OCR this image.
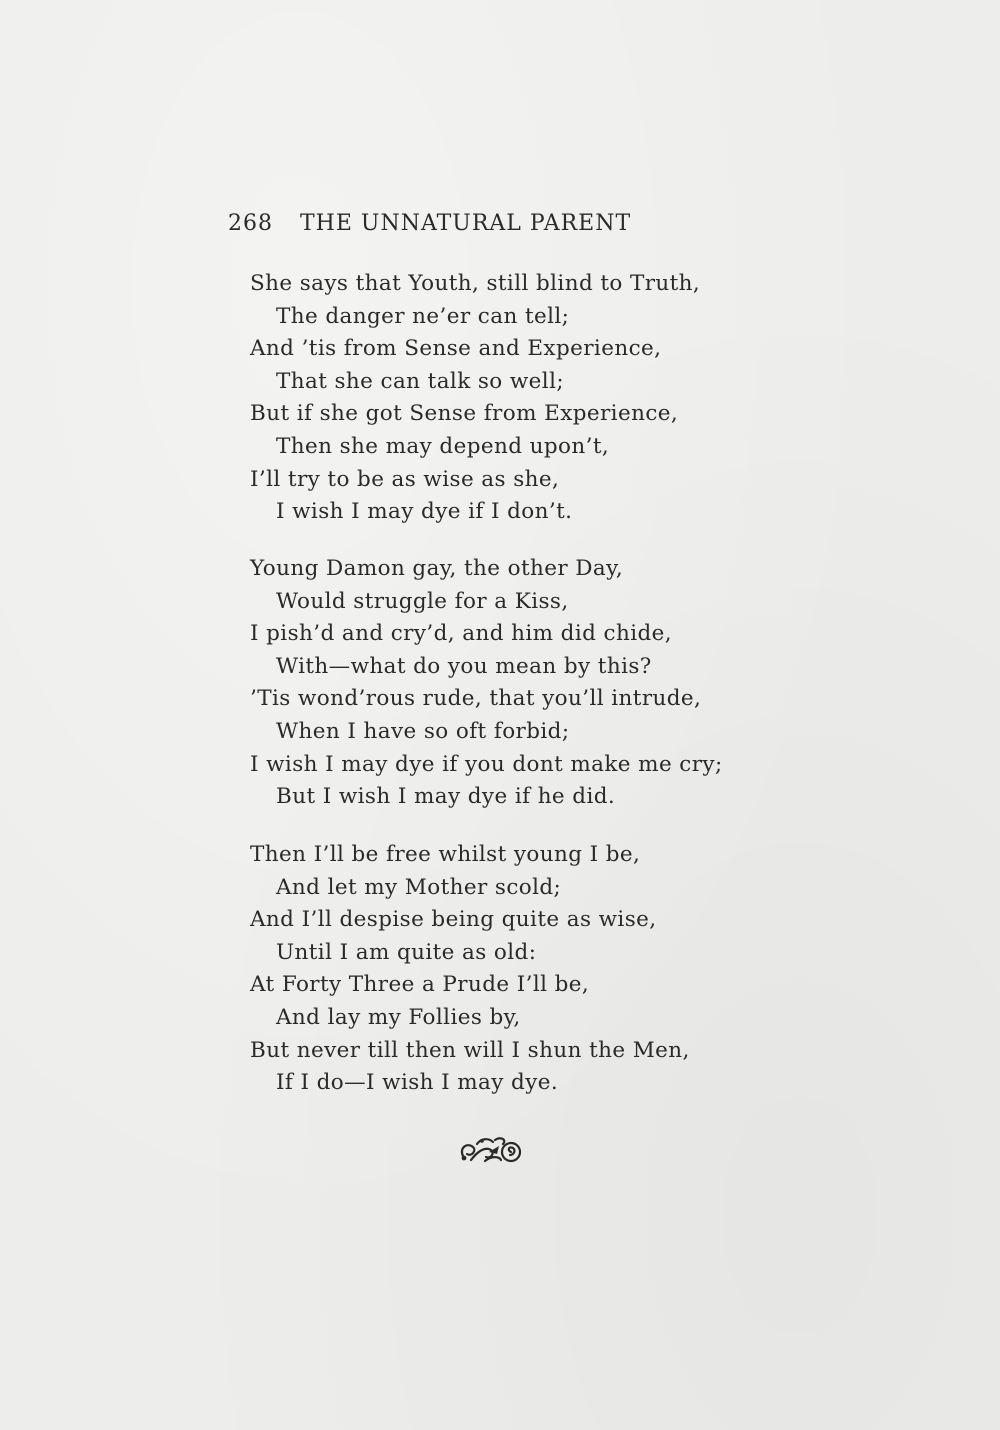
268 THE UNNATURAL PARENT
She says that Youth, still blind to Truth,
The danger ne’er can tell;
And ’tis from Sense and Experience,
That she can talk so well;
But if she got Sense from Experience,
Then she may depend upon’t,
I’ll try to be as wise as she,
I wish I may dye if I don’t.
Young Damon gay, the other Day,
Would struggle for a Kiss,
I pish’d and cry’d, and him did chide,
With—what do you mean by this?
’Tis wond’rous rude, that you’ll intrude,
When I have so oft forbid;
I wish I may dye if you dont make me cry;
But I wish I may dye if he did.
Then I’ll be free whilst young I be,
And let my Mother scold;
And I’ll despise being quite as wise,
Until I am quite as old:
At Forty Three a Prude I’ll be,
And lay my Follies by,
But never till then will I shun the Men,
If I do—I wish I may dye.
